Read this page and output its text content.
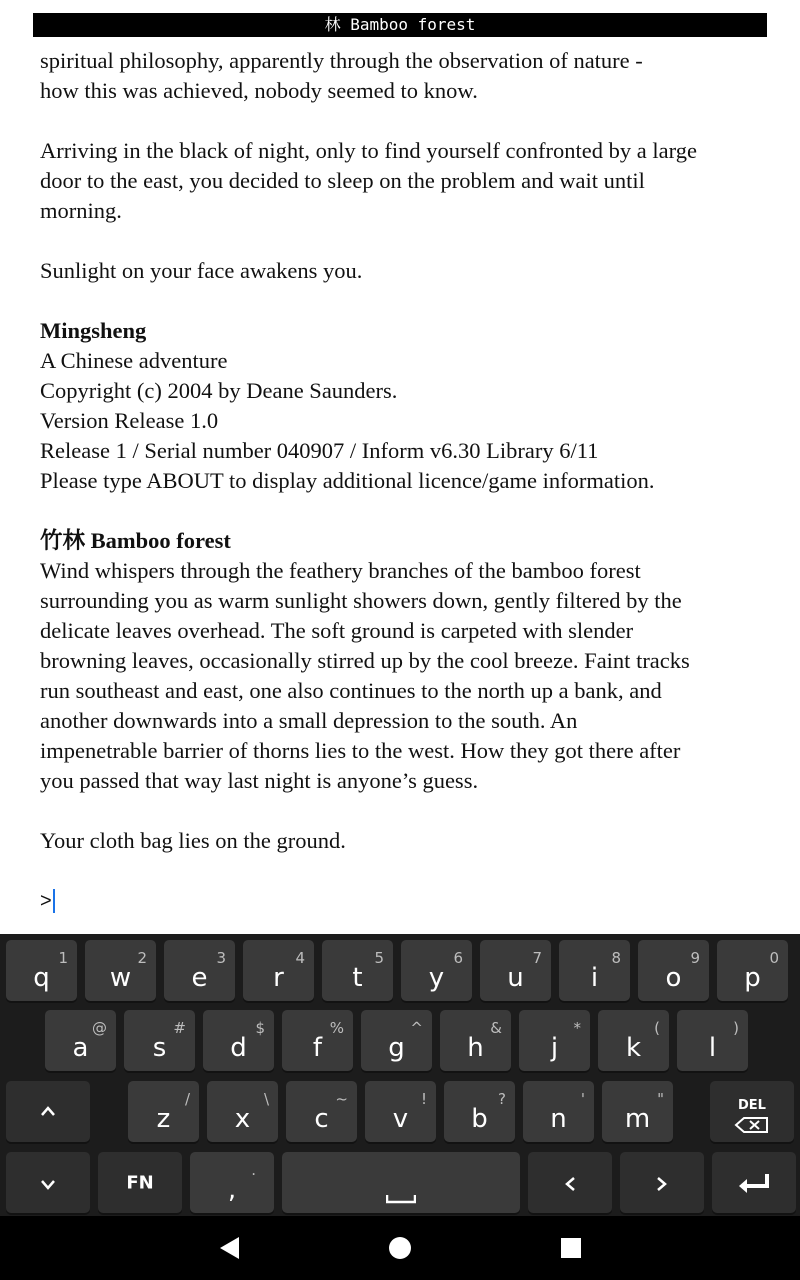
林 Bamboo forest

spiritual philosophy, apparently through the observation of nature -

how this was achieved, nobody seemed to know.

Arriving in the black of night, only to find yourself confronted by a large

door to the east, you decided to sleep on the problem and wait until

morning.

Sunlight on your face awakens you.

Mingsheng

A Chinese adventure

Copyright (c) 2004 by Deane Saunders.

Version Release 1.0

Release 1 / Serial number 040907 / Inform v6.30 Library 6/11

Please type ABOUT to display additional licence/game information.

竹林 Bamboo forest

Wind whispers through the feathery branches of the bamboo forest

surrounding you as warm sunlight showers down, gently filtered by the

delicate leaves overhead. The soft ground is carpeted with slender

browning leaves, occasionally stirred up by the cool breeze. Faint tracks

run southeast and east, one also continues to the north up a bank, and

another downwards into a small depression to the south. An

impenetrable barrier of thorns lies to the west. How they got there after

you passed that way last night is anyone’s guess.

Your cloth bag lies on the ground.

>
1
q
2
w
3
e
4
r
5
t
6
y
7
u
8
i
9
o
0
p
@
a
#
s
$
d
%
f
^
g
&
h
*
j
(
k
)
l
/
z
\
x
~
c
!
v
?
b
'
n
"
m	DEL
FN
.
,
